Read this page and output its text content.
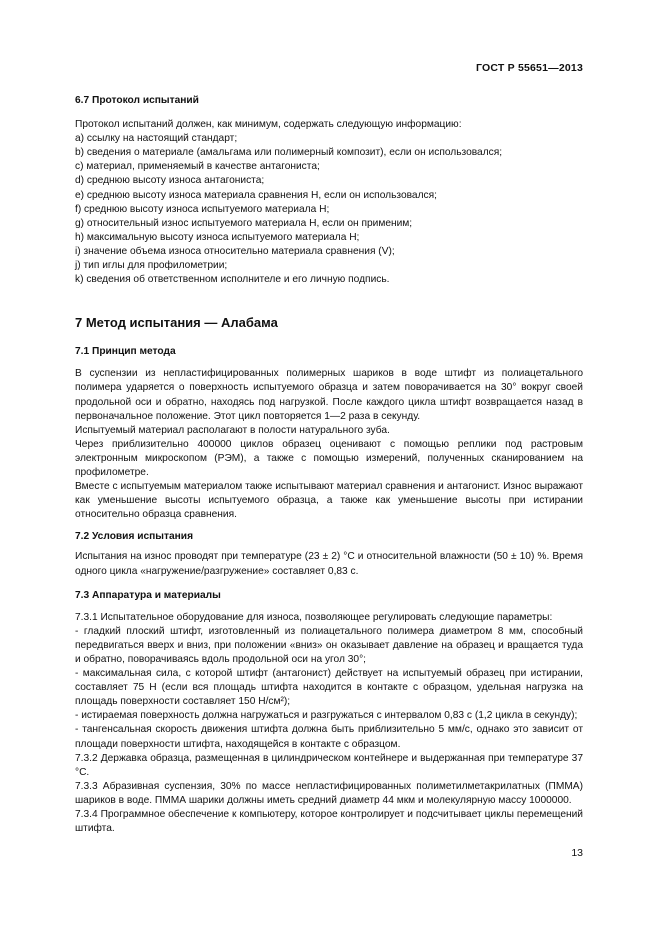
ГОСТ Р 55651—2013

6.7 Протокол испытаний

Протокол испытаний должен, как минимум, содержать следующую информацию:

a) ссылку на настоящий стандарт;

b) сведения о материале (амальгама или полимерный композит), если он использовался;

c) материал, применяемый в качестве антагониста;

d) среднюю высоту износа антагониста;

e) среднюю высоту износа материала сравнения H, если он использовался;

f) среднюю высоту износа испытуемого материала H;

g) относительный износ испытуемого материала H, если он применим;

h) максимальную высоту износа испытуемого материала H;

i) значение объема износа относительно материала сравнения (V);

j) тип иглы для профилометрии;

k) сведения об ответственном исполнителе и его личную подпись.

7 Метод испытания — Алабама

7.1 Принцип метода

В суспензии из непластифицированных полимерных шариков в воде штифт из полиацетального полимера ударяется о поверхность испытуемого образца и затем поворачивается на 30° вокруг своей продольной оси и обратно, находясь под нагрузкой. После каждого цикла штифт возвращается назад в первоначальное положение. Этот цикл повторяется 1—2 раза в секунду.

Испытуемый материал располагают в полости натурального зуба.

Через приблизительно 400000 циклов образец оценивают с помощью реплики под растровым электронным микроскопом (РЭМ), а также с помощью измерений, полученных сканированием на профилометре.

Вместе с испытуемым материалом также испытывают материал сравнения и антагонист. Износ выражают как уменьшение высоты испытуемого образца, а также как уменьшение высоты при истирании относительно образца сравнения.

7.2 Условия испытания

Испытания на износ проводят при температуре (23 ± 2) °C и относительной влажности (50 ± 10) %. Время одного цикла «нагружение/разгружение» составляет 0,83 с.

7.3 Аппаратура и материалы

7.3.1 Испытательное оборудование для износа, позволяющее регулировать следующие параметры:

- гладкий плоский штифт, изготовленный из полиацетального полимера диаметром 8 мм, способный передвигаться вверх и вниз, при положении «вниз» он оказывает давление на образец и вращается туда и обратно, поворачиваясь вдоль продольной оси на угол 30°;

- максимальная сила, с которой штифт (антагонист) действует на испытуемый образец при истирании, составляет 75 Н (если вся площадь штифта находится в контакте с образцом, удельная нагрузка на площадь поверхности составляет 150 Н/см²);

- истираемая поверхность должна нагружаться и разгружаться с интервалом 0,83 с (1,2 цикла в секунду);

- тангенсальная скорость движения штифта должна быть приблизительно 5 мм/с, однако это зависит от площади поверхности штифта, находящейся в контакте с образцом.

7.3.2 Державка образца, размещенная в цилиндрическом контейнере и выдержанная при температуре 37 °C.

7.3.3 Абразивная суспензия, 30% по массе непластифицированных полиметилметакрилатных (ПММА) шариков в воде. ПММА шарики должны иметь средний диаметр 44 мкм и молекулярную массу 1000000.

7.3.4 Программное обеспечение к компьютеру, которое контролирует и подсчитывает циклы перемещений штифта.

13
